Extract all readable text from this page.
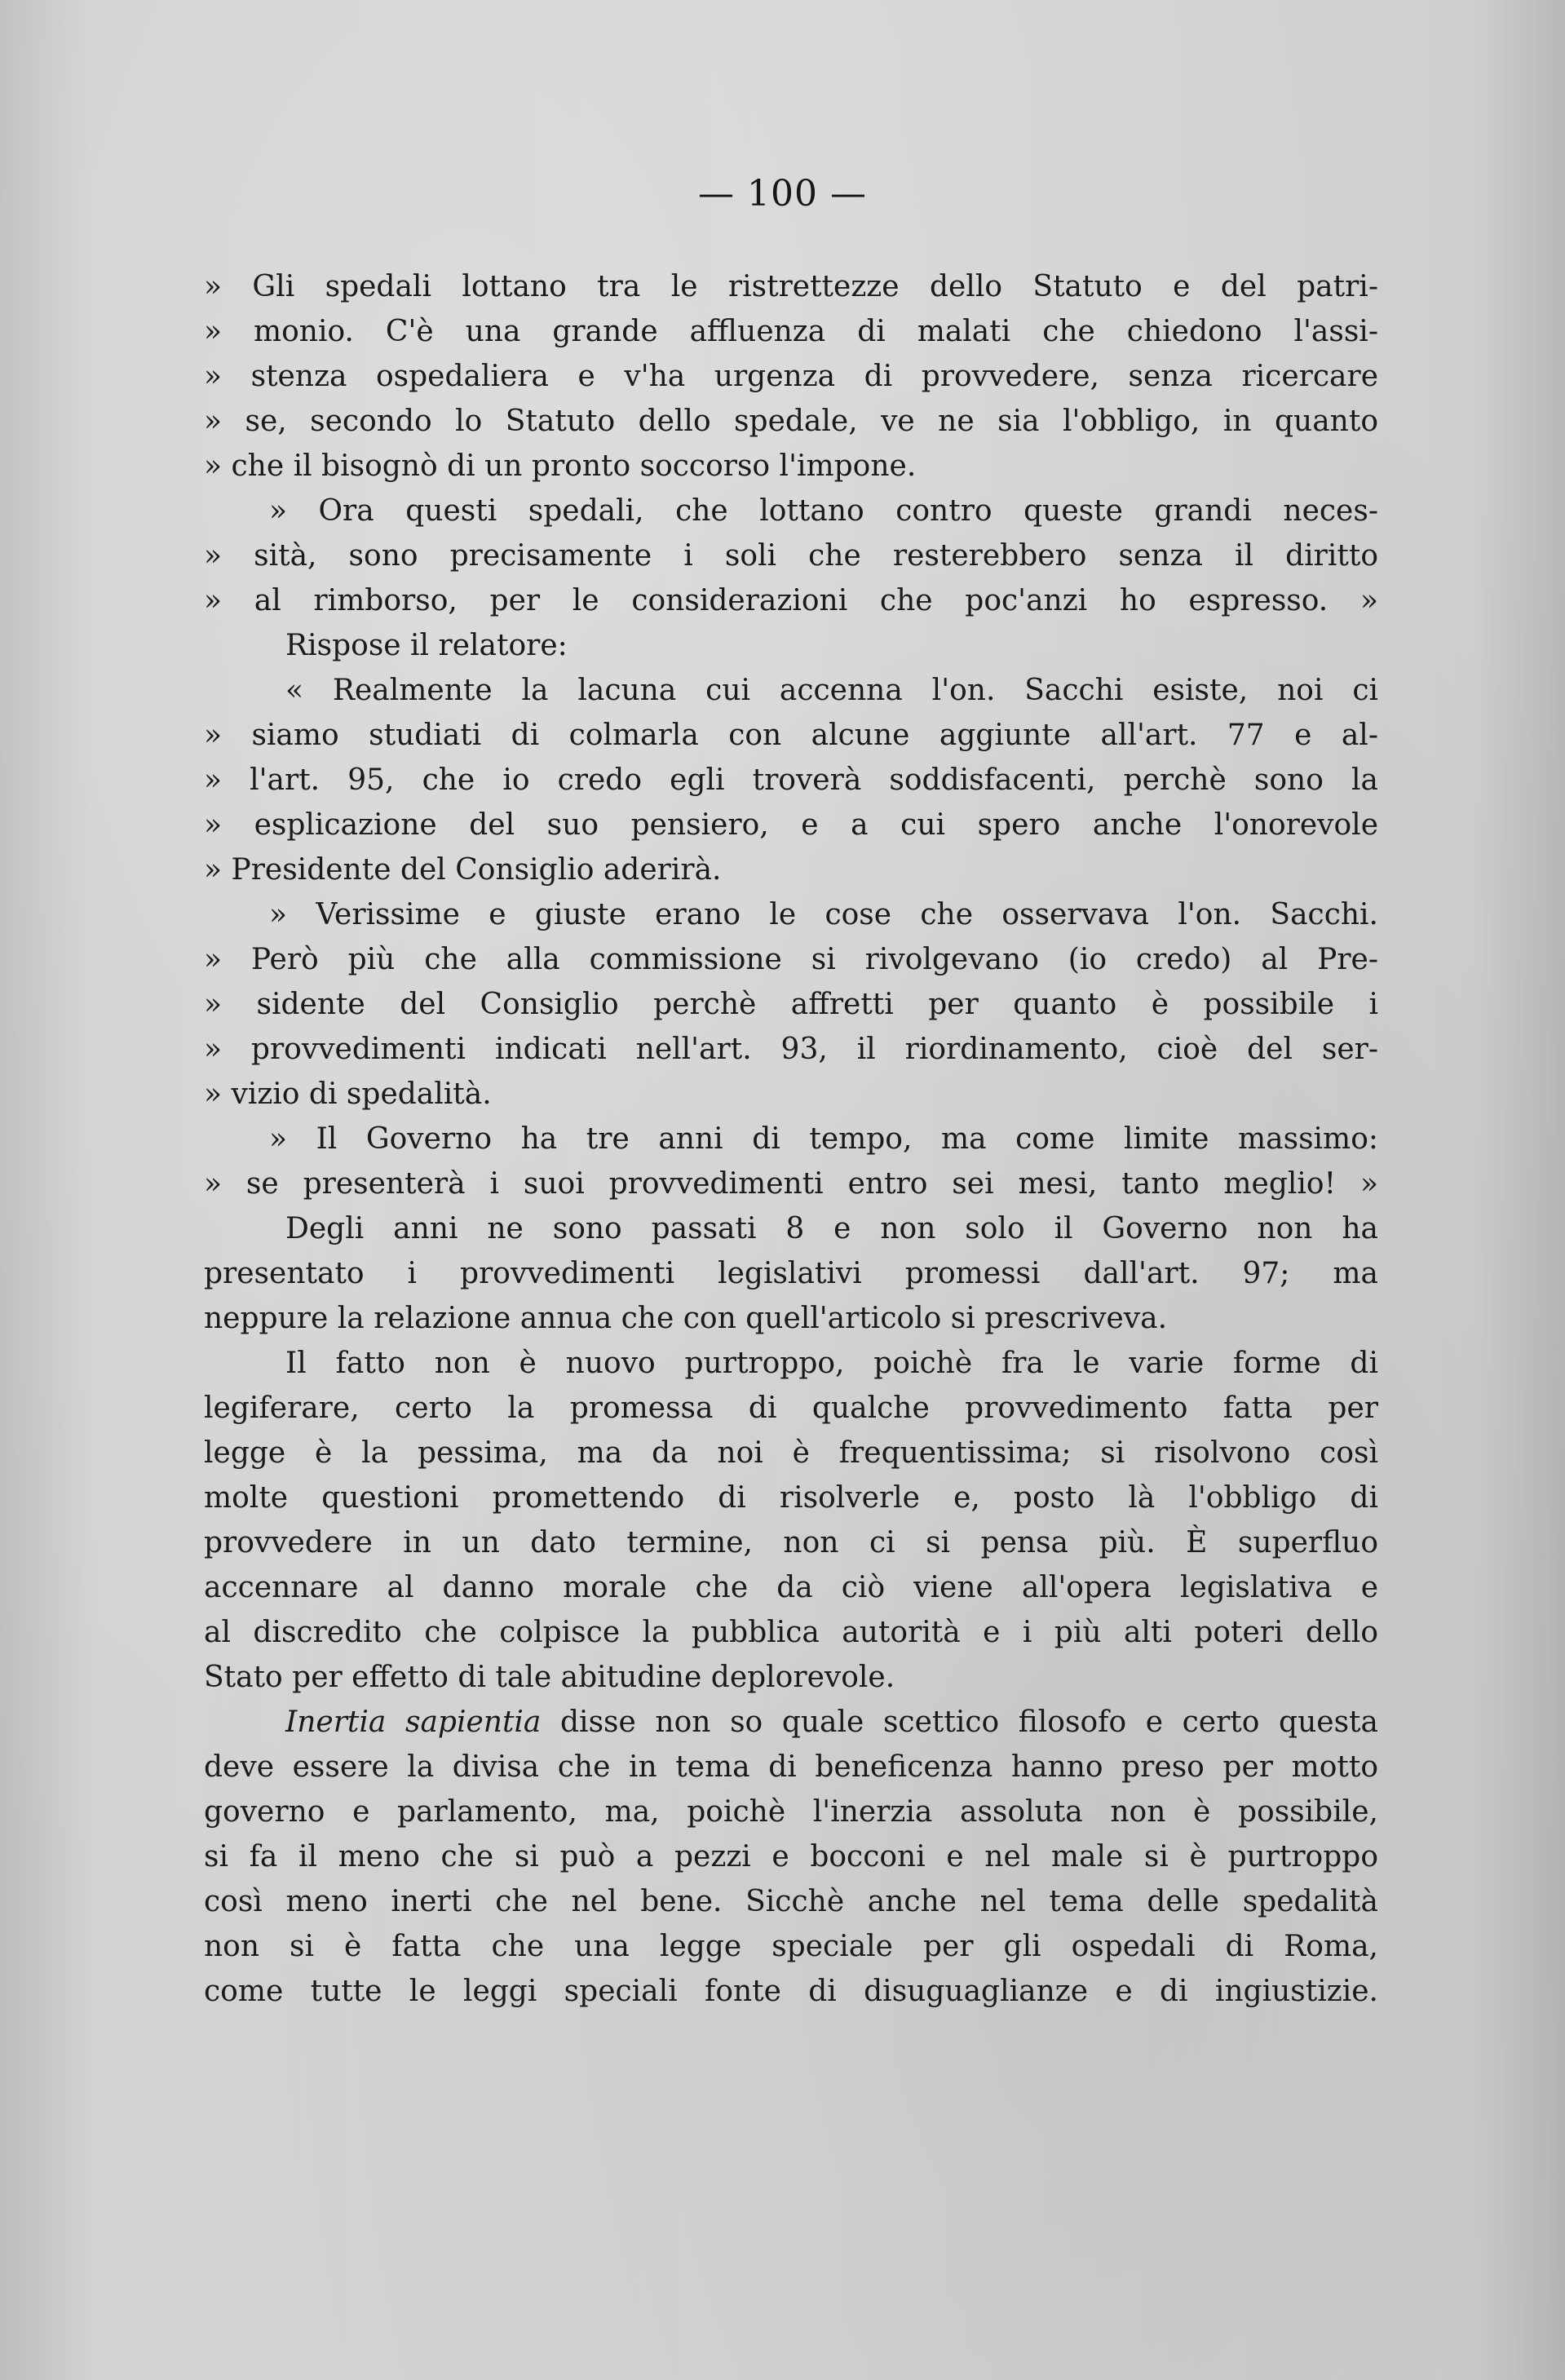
— 100 —

» Gli spedali lottano tra le ristrettezze dello Statuto e del patri-

» monio. C'è una grande affluenza di malati che chiedono l'assi-

» stenza ospedaliera e v'ha urgenza di provvedere, senza ricercare

» se, secondo lo Statuto dello spedale, ve ne sia l'obbligo, in quanto

» che il bisognò di un pronto soccorso l'impone.

» Ora questi spedali, che lottano contro queste grandi neces-

» sità, sono precisamente i soli che resterebbero senza il diritto

» al rimborso, per le considerazioni che poc'anzi ho espresso. »

Rispose il relatore:

« Realmente la lacuna cui accenna l'on. Sacchi esiste, noi ci

» siamo studiati di colmarla con alcune aggiunte all'art. 77 e al-

» l'art. 95, che io credo egli troverà soddisfacenti, perchè sono la

» esplicazione del suo pensiero, e a cui spero anche l'onorevole

» Presidente del Consiglio aderirà.

» Verissime e giuste erano le cose che osservava l'on. Sacchi.

» Però più che alla commissione si rivolgevano (io credo) al Pre-

» sidente del Consiglio perchè affretti per quanto è possibile i

» provvedimenti indicati nell'art. 93, il riordinamento, cioè del ser-

» vizio di spedalità.

» Il Governo ha tre anni di tempo, ma come limite massimo:

» se presenterà i suoi provvedimenti entro sei mesi, tanto meglio! »

Degli anni ne sono passati 8 e non solo il Governo non ha

presentato i provvedimenti legislativi promessi dall'art. 97; ma

neppure la relazione annua che con quell'articolo si prescriveva.

Il fatto non è nuovo purtroppo, poichè fra le varie forme di

legiferare, certo la promessa di qualche provvedimento fatta per

legge è la pessima, ma da noi è frequentissima; si risolvono così

molte questioni promettendo di risolverle e, posto là l'obbligo di

provvedere in un dato termine, non ci si pensa più. È superfluo

accennare al danno morale che da ciò viene all'opera legislativa e

al discredito che colpisce la pubblica autorità e i più alti poteri dello

Stato per effetto di tale abitudine deplorevole.

Inertia sapientia disse non so quale scettico filosofo e certo questa

deve essere la divisa che in tema di beneficenza hanno preso per motto

governo e parlamento, ma, poichè l'inerzia assoluta non è possibile,

si fa il meno che si può a pezzi e bocconi e nel male si è purtroppo

così meno inerti che nel bene. Sicchè anche nel tema delle spedalità

non si è fatta che una legge speciale per gli ospedali di Roma,

come tutte le leggi speciali fonte di disuguaglianze e di ingiustizie.
